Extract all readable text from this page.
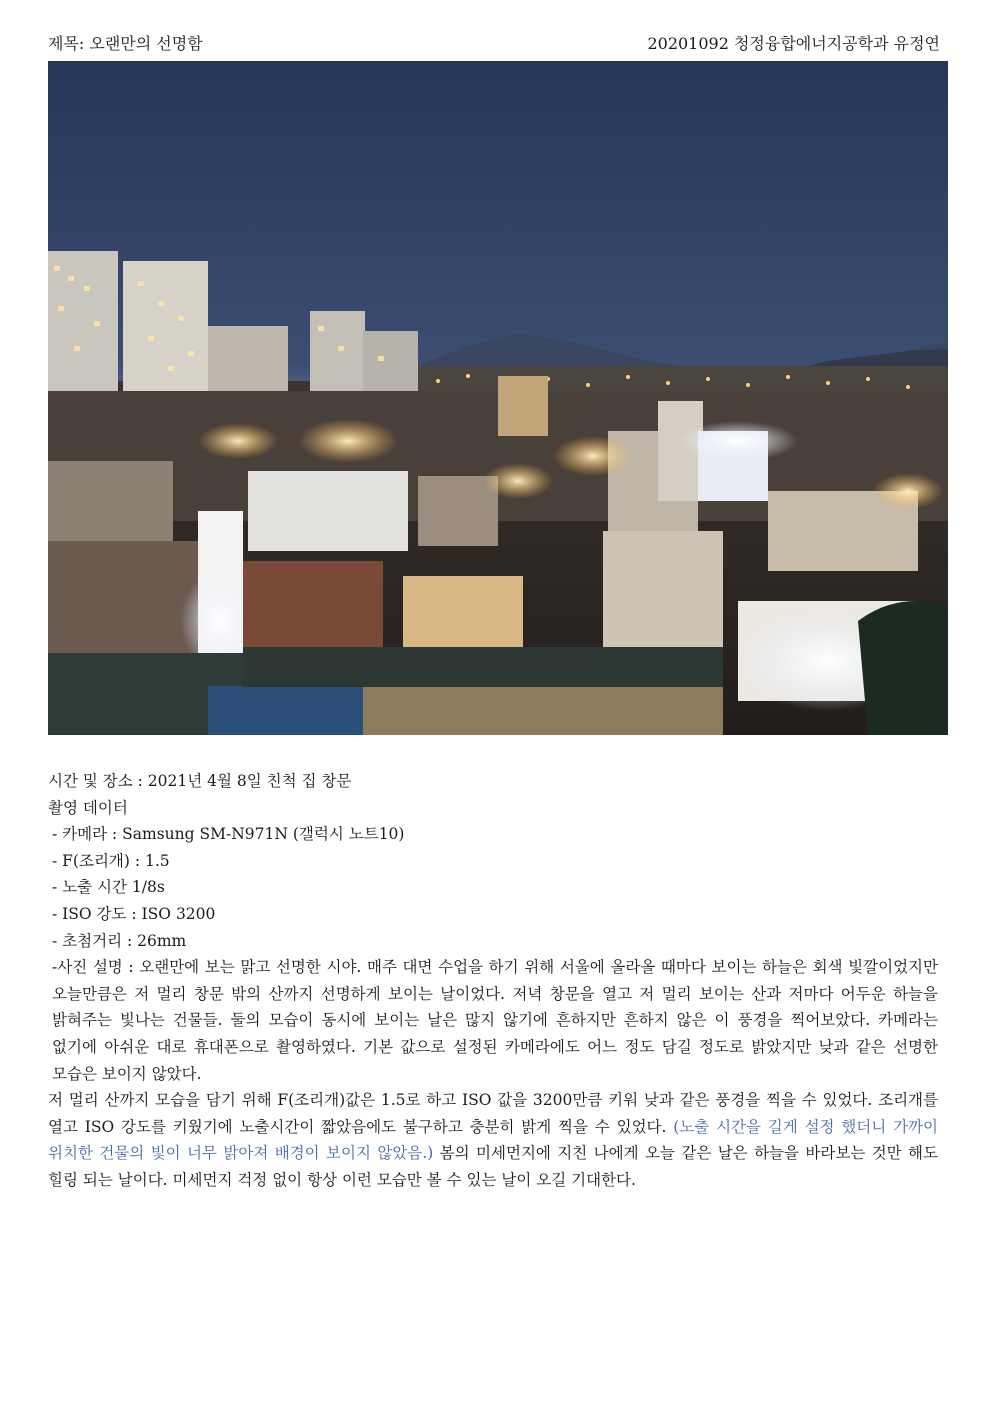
제목: 오랜만의 선명함	20201092 청정융합에너지공학과 유정연
시간 및 장소 : 2021년 4월 8일 친척 집 창문
촬영 데이터
- 카메라 : Samsung SM-N971N (갤럭시 노트10)
- F(조리개) : 1.5
- 노출 시간 1/8s
- ISO 강도 : ISO 3200
- 초첨거리 : 26mm
-사진 설명 : 오랜만에 보는 맑고 선명한 시야. 매주 대면 수업을 하기 위해 서울에 올라올 때마다 보이는 하늘은 회색 빛깔이었지만 오늘만큼은 저 멀리 창문 밖의 산까지 선명하게 보이는 날이었다. 저녁 창문을 열고 저 멀리 보이는 산과 저마다 어두운 하늘을 밝혀주는 빛나는 건물들. 둘의 모습이 동시에 보이는 날은 많지 않기에 흔하지만 흔하지 않은 이 풍경을 찍어보았다. 카메라는 없기에 아쉬운 대로 휴대폰으로 촬영하였다. 기본 값으로 설정된 카메라에도 어느 정도 담길 정도로 밝았지만 낮과 같은 선명한 모습은 보이지 않았다.
저 멀리 산까지 모습을 담기 위해 F(조리개)값은 1.5로 하고 ISO 값을 3200만큼 키워 낮과 같은 풍경을 찍을 수 있었다. 조리개를 열고 ISO 강도를 키웠기에 노출시간이 짧았음에도 불구하고 충분히 밝게 찍을 수 있었다. (노출 시간을 길게 설정 했더니 가까이 위치한 건물의 빛이 너무 밝아져 배경이 보이지 않았음.) 봄의 미세먼지에 지친 나에게 오늘 같은 날은 하늘을 바라보는 것만 해도 힐링 되는 날이다. 미세먼지 걱정 없이 항상 이런 모습만 볼 수 있는 날이 오길 기대한다.
